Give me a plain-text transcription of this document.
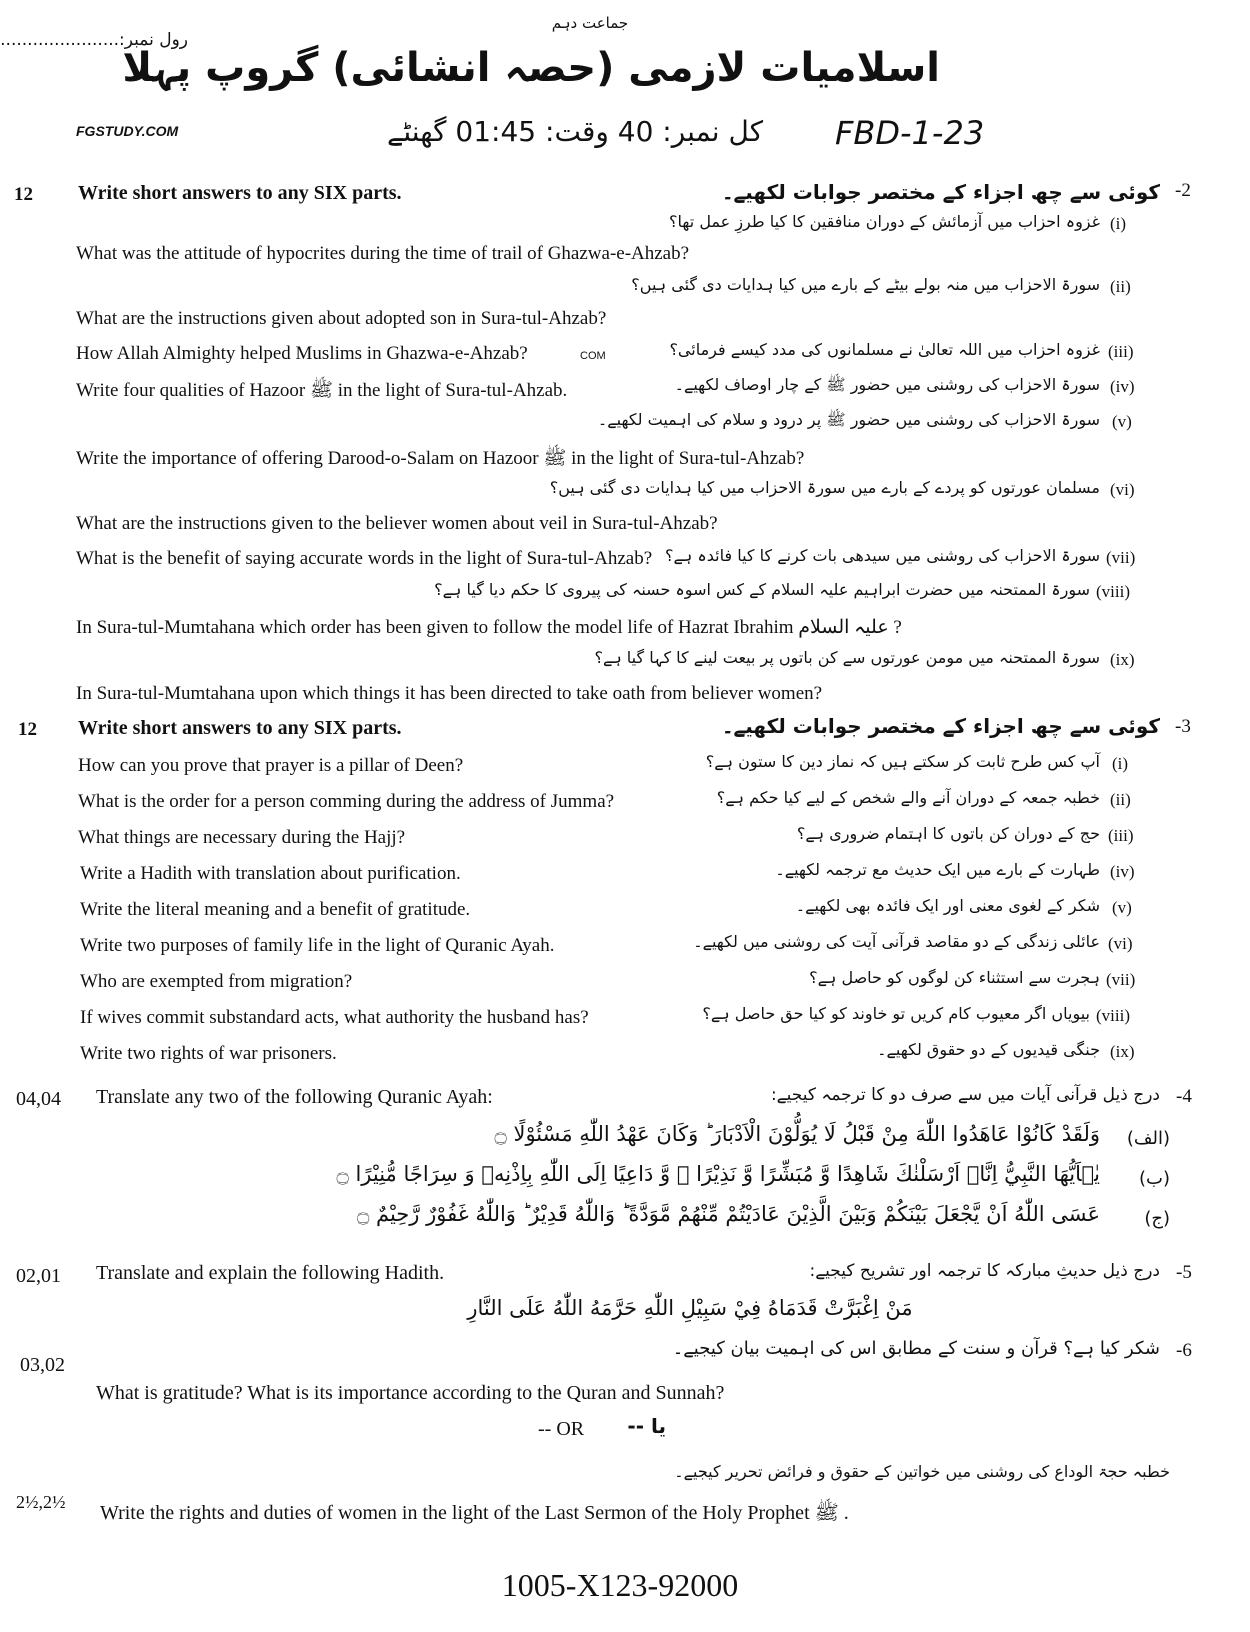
رول نمبر:......................
جماعت دہم
اسلامیات لازمی (حصہ انشائی) گروپ پہلا
FGSTUDY.COM	کل نمبر: 40 وقت: 01:45 گھنٹے	FBD-1-23
12 Write short answers to any SIX parts.	کوئی سے چھ اجزاء کے مختصر جوابات لکھیے۔ -2
غزوہ احزاب میں آزمائش کے دوران منافقین کا کیا طرزِ عمل تھا؟ (i)
What was the attitude of hypocrites during the time of trail of Ghazwa-e-Ahzab?
سورۃ الاحزاب میں منہ بولے بیٹے کے بارے میں کیا ہدایات دی گئی ہیں؟ (ii)
What are the instructions given about adopted son in Sura-tul-Ahzab?
How Allah Almighty helped Muslims in Ghazwa-e-Ahzab?	COM	غزوہ احزاب میں اللہ تعالیٰ نے مسلمانوں کی مدد کیسے فرمائی؟ (iii)
Write four qualities of Hazoor ﷺ in the light of Sura-tul-Ahzab.	سورۃ الاحزاب کی روشنی میں حضور ﷺ کے چار اوصاف لکھیے۔ (iv)
سورۃ الاحزاب کی روشنی میں حضور ﷺ پر درود و سلام کی اہمیت لکھیے۔ (v)
Write the importance of offering Darood-o-Salam on Hazoor ﷺ in the light of Sura-tul-Ahzab?
مسلمان عورتوں کو پردے کے بارے میں سورۃ الاحزاب میں کیا ہدایات دی گئی ہیں؟ (vi)
What are the instructions given to the believer women about veil in Sura-tul-Ahzab?
What is the benefit of saying accurate words in the light of Sura-tul-Ahzab? سورۃ الاحزاب کی روشنی میں سیدھی بات کرنے کا کیا فائدہ ہے؟ (vii)
سورۃ الممتحنہ میں حضرت ابراہیم علیہ السلام کے کس اسوہ حسنہ کی پیروی کا حکم دیا گیا ہے؟ (viii)
In Sura-tul-Mumtahana which order has been given to follow the model life of Hazrat Ibrahim علیہ السلام ?
سورۃ الممتحنہ میں مومن عورتوں سے کن باتوں پر بیعت لینے کا کہا گیا ہے؟ (ix)
In Sura-tul-Mumtahana upon which things it has been directed to take oath from believer women?
12 Write short answers to any SIX parts.	کوئی سے چھ اجزاء کے مختصر جوابات لکھیے۔ -3
How can you prove that prayer is a pillar of Deen?	آپ کس طرح ثابت کر سکتے ہیں کہ نماز دین کا ستون ہے؟ (i)
What is the order for a person comming during the address of Jumma?	خطبہ جمعہ کے دوران آنے والے شخص کے لیے کیا حکم ہے؟ (ii)
What things are necessary during the Hajj?	حج کے دوران کن باتوں کا اہتمام ضروری ہے؟ (iii)
Write a Hadith with translation about purification.	طہارت کے بارے میں ایک حدیث مع ترجمہ لکھیے۔ (iv)
Write the literal meaning and a benefit of gratitude.	شکر کے لغوی معنی اور ایک فائدہ بھی لکھیے۔ (v)
Write two purposes of family life in the light of Quranic Ayah.	عائلی زندگی کے دو مقاصد قرآنی آیت کی روشنی میں لکھیے۔ (vi)
Who are exempted from migration?	ہجرت سے استثناء کن لوگوں کو حاصل ہے؟ (vii)
If wives commit substandard acts, what authority the husband has?	بیویاں اگر معیوب کام کریں تو خاوند کو کیا حق حاصل ہے؟ (viii)
Write two rights of war prisoners.	جنگی قیدیوں کے دو حقوق لکھیے۔ (ix)
04,04 Translate any two of the following Quranic Ayah:	درج ذیل قرآنی آیات میں سے صرف دو کا ترجمہ کیجیے: -4
(الف)
وَلَقَدْ كَانُوْا عَاهَدُوا اللّٰهَ مِنْ قَبْلُ لَا يُوَلُّوْنَ الْاَدْبَارَ ؕ وَكَانَ عَهْدُ اللّٰهِ مَسْئُوْلًا ۝
(ب)
يٰۤاَيُّهَا النَّبِيُّ اِنَّاۤ اَرْسَلْنٰكَ شَاهِدًا وَّ مُبَشِّرًا وَّ نَذِيْرًا ۙ وَّ دَاعِيًا اِلَى اللّٰهِ بِاِذْنِهٖ وَ سِرَاجًا مُّنِيْرًا ۝
(ج)
عَسَى اللّٰهُ اَنْ يَّجْعَلَ بَيْنَكُمْ وَبَيْنَ الَّذِيْنَ عَادَيْتُمْ مِّنْهُمْ مَّوَدَّةً ؕ وَاللّٰهُ قَدِيْرٌ ؕ وَاللّٰهُ غَفُوْرٌ رَّحِيْمٌ ۝
02,01 Translate and explain the following Hadith.	درج ذیل حدیثِ مبارکہ کا ترجمہ اور تشریح کیجیے: -5
مَنْ اِغْبَرَّتْ قَدَمَاهُ فِيْ سَبِيْلِ اللّٰهِ حَرَّمَهُ اللّٰهُ عَلَى النَّارِ
03,02
شکر کیا ہے؟ قرآن و سنت کے مطابق اس کی اہمیت بیان کیجیے۔ -6
What is gratitude? What is its importance according to the Quran and Sunnah?
-- OR	یا --
خطبہ حجۃ الوداع کی روشنی میں خواتین کے حقوق و فرائض تحریر کیجیے۔
2½,2½ Write the rights and duties of women in the light of the Last Sermon of the Holy Prophet ﷺ .
1005-X123-92000
